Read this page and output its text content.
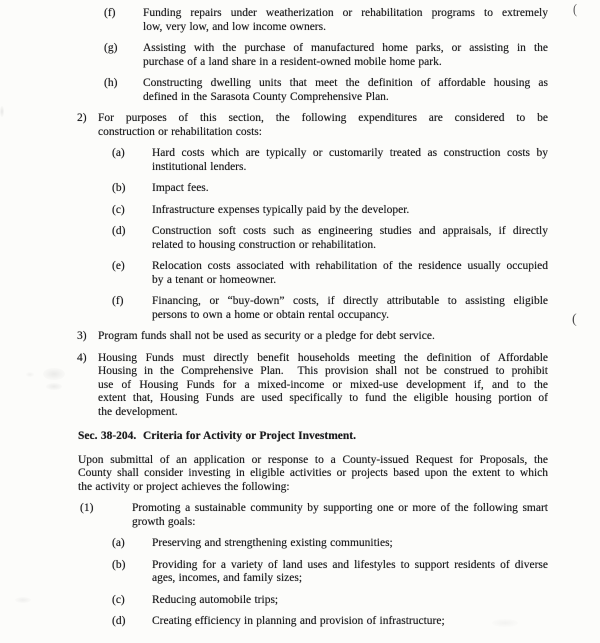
(
(
(f) Funding repairs under weatherization or rehabilitation programs to extremely
low, very low, and low income owners.
(g) Assisting with the purchase of manufactured home parks, or assisting in the
purchase of a land share in a resident-owned mobile home park.
(h) Constructing dwelling units that meet the definition of affordable housing as
defined in the Sarasota County Comprehensive Plan.
2) For purposes of this section, the following expenditures are considered to be
construction or rehabilitation costs:
(a) Hard costs which are typically or customarily treated as construction costs by
institutional lenders.
(b) Impact fees.
(c) Infrastructure expenses typically paid by the developer.
(d) Construction soft costs such as engineering studies and appraisals, if directly
related to housing construction or rehabilitation.
(e) Relocation costs associated with rehabilitation of the residence usually occupied
by a tenant or homeowner.
(f) Financing, or “buy-down” costs, if directly attributable to assisting eligible
persons to own a home or obtain rental occupancy.
3) Program funds shall not be used as security or a pledge for debt service.
4) Housing Funds must directly benefit households meeting the definition of Affordable
Housing in the Comprehensive Plan.  This provision shall not be construed to prohibit
use of Housing Funds for a mixed-income or mixed-use development if, and to the
extent that, Housing Funds are used specifically to fund the eligible housing portion of
the development.
Sec. 38-204.  Criteria for Activity or Project Investment.
Upon submittal of an application or response to a County-issued Request for Proposals, the
County shall consider investing in eligible activities or projects based upon the extent to which
the activity or project achieves the following:
(1)	Promoting a sustainable community by supporting one or more of the following smart
growth goals:
(a) Preserving and strengthening existing communities;
(b) Providing for a variety of land uses and lifestyles to support residents of diverse
ages, incomes, and family sizes;
(c) Reducing automobile trips;
(d) Creating efficiency in planning and provision of infrastructure;
